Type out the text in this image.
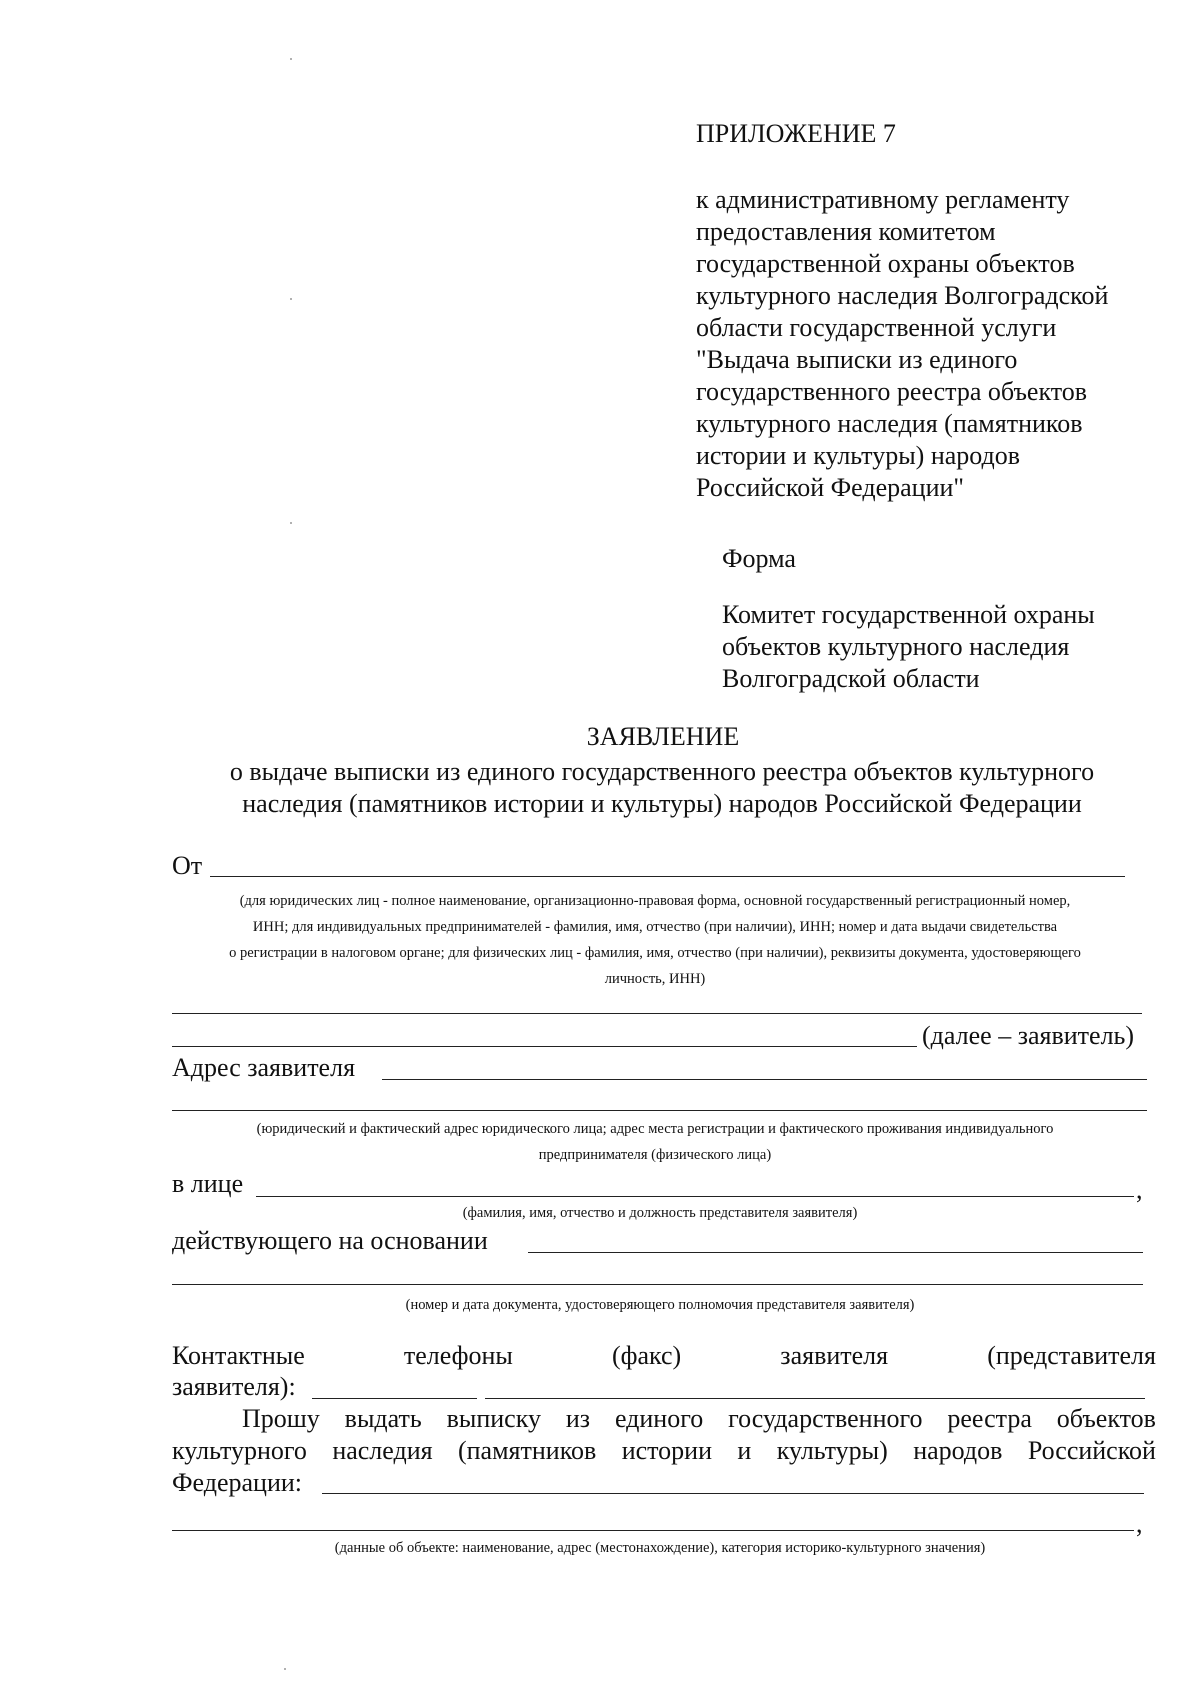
ПРИЛОЖЕНИЕ 7
к административному регламенту
предоставления комитетом
государственной охраны объектов
культурного наследия Волгоградской
области государственной услуги
"Выдача выписки из единого
государственного реестра объектов
культурного наследия (памятников
истории и культуры) народов
Российской Федерации"
Форма
Комитет государственной охраны
объектов культурного наследия
Волгоградской области
ЗАЯВЛЕНИЕ
о выдаче выписки из единого государственного реестра объектов культурного
наследия (памятников истории и культуры) народов Российской Федерации
От
(для юридических лиц - полное наименование, организационно-правовая форма, основной государственный регистрационный номер,
ИНН; для индивидуальных предпринимателей - фамилия, имя, отчество (при наличии), ИНН; номер и дата выдачи свидетельства
о регистрации в налоговом органе; для физических лиц - фамилия, имя, отчество (при наличии), реквизиты документа, удостоверяющего
личность, ИНН)
(далее – заявитель)
Адрес заявителя
(юридический и фактический адрес юридического лица; адрес места регистрации и фактического проживания индивидуального
предпринимателя (физического лица)
в лице	,
(фамилия, имя, отчество и должность представителя заявителя)
действующего на основании
(номер и дата документа, удостоверяющего полномочия представителя заявителя)
Контактные	телефоны	(факс)	заявителя	(представителя
заявителя):
Прошу выдать выписку из единого государственного реестра объектов
культурного наследия (памятников истории и культуры) народов Российской
Федерации:
,
(данные об объекте: наименование, адрес (местонахождение), категория историко-культурного значения)
